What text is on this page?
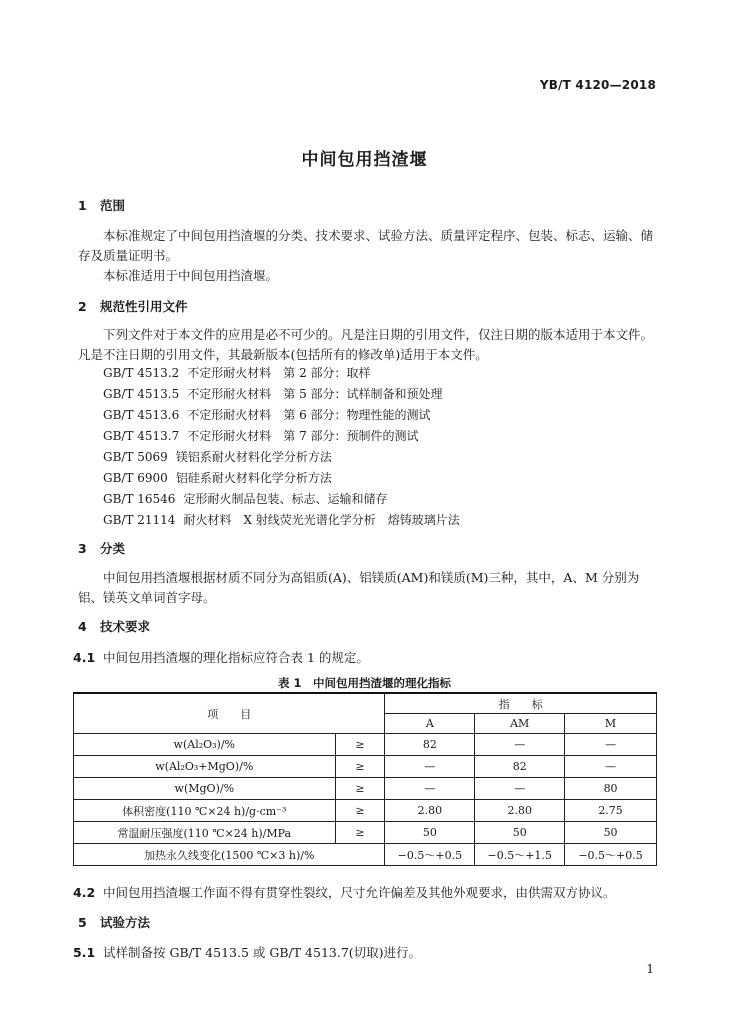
YB/T 4120—2018
中间包用挡渣堰
1 范围

本标准规定了中间包用挡渣堰的分类、技术要求、试验方法、质量评定程序、包装、标志、运输、储存及质量证明书。

本标准适用于中间包用挡渣堰。

2 规范性引用文件

下列文件对于本文件的应用是必不可少的。凡是注日期的引用文件，仅注日期的版本适用于本文件。凡是不注日期的引用文件，其最新版本(包括所有的修改单)适用于本文件。

GB/T 4513.2 不定形耐火材料　第 2 部分：取样
GB/T 4513.5 不定形耐火材料　第 5 部分：试样制备和预处理
GB/T 4513.6 不定形耐火材料　第 6 部分：物理性能的测试
GB/T 4513.7 不定形耐火材料　第 7 部分：预制件的测试
GB/T 5069 镁铝系耐火材料化学分析方法
GB/T 6900 铝硅系耐火材料化学分析方法
GB/T 16546 定形耐火制品包装、标志、运输和储存
GB/T 21114 耐火材料　X 射线荧光光谱化学分析　熔铸玻璃片法
3 分类

中间包用挡渣堰根据材质不同分为高铝质(A)、铝镁质(AM)和镁质(M)三种，其中，A、M 分别为铝、镁英文单词首字母。

4 技术要求
4.1 中间包用挡渣堰的理化指标应符合表 1 的规定。
表 1　中间包用挡渣堰的理化指标
项　　目		指　　标		
		A	AM	M
w(Al₂O₃)/%	≥	82	—	—
w(Al₂O₃+MgO)/%	≥	—	82	—
w(MgO)/%	≥	—	—	80
体积密度(110 ℃×24 h)/g·cm⁻³	≥	2.80	2.80	2.75
常温耐压强度(110 ℃×24 h)/MPa	≥	50	50	50
加热永久线变化(1500 ℃×3 h)/%		−0.5～+0.5	−0.5～+1.5	−0.5～+0.5
4.2 中间包用挡渣堰工作面不得有贯穿性裂纹，尺寸允许偏差及其他外观要求，由供需双方协议。
5 试验方法
5.1 试样制备按 GB/T 4513.5 或 GB/T 4513.7(切取)进行。
1
